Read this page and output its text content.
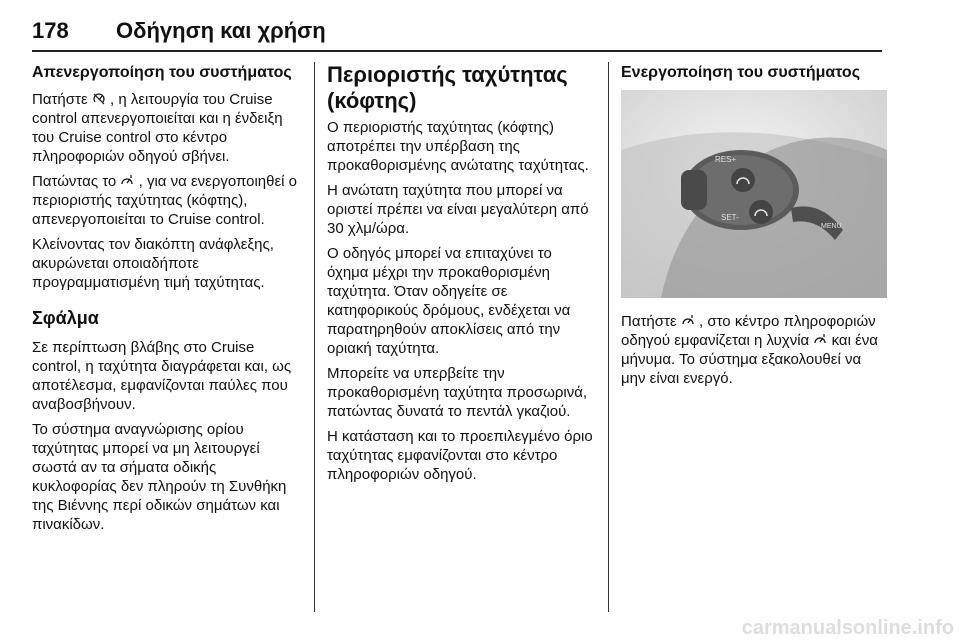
178 Οδήγηση και χρήση
Απενεργοποίηση του συστήματος

Πατήστε , η λειτουργία του Cruise control απενεργοποιείται και η ένδειξη του Cruise control στο κέντρο πληροφοριών οδηγού σβήνει.

Πατώντας το , για να ενεργοποιηθεί ο περιοριστής ταχύτητας (κόφτης), απενεργοποιείται το Cruise control.

Κλείνοντας τον διακόπτη ανάφλεξης, ακυρώνεται οποιαδήποτε προγραμματισμένη τιμή ταχύτητας.

Σφάλμα

Σε περίπτωση βλάβης στο Cruise control, η ταχύτητα διαγράφεται και, ως αποτέλεσμα, εμφανίζονται παύλες που αναβοσβήνουν.

Το σύστημα αναγνώρισης ορίου ταχύτητας μπορεί να μη λειτουργεί σωστά αν τα σήματα οδικής κυκλοφορίας δεν πληρούν τη Συνθήκη της Βιέννης περί οδικών σημάτων και πινακίδων.

Περιοριστής ταχύτητας (κόφτης)

Ο περιοριστής ταχύτητας (κόφτης) αποτρέπει την υπέρβαση της προκαθορισμένης ανώτατης ταχύτητας.

Η ανώτατη ταχύτητα που μπορεί να οριστεί πρέπει να είναι μεγαλύτερη από 30 χλμ/ώρα.

Ο οδηγός μπορεί να επιταχύνει το όχημα μέχρι την προκαθορισμένη ταχύτητα. Όταν οδηγείτε σε κατηφορικούς δρόμους, ενδέχεται να παρατηρηθούν αποκλίσεις από την οριακή ταχύτητα.

Μπορείτε να υπερβείτε την προκαθορισμένη ταχύτητα προσωρινά, πατώντας δυνατά το πεντάλ γκαζιού.

Η κατάσταση και το προεπιλεγμένο όριο ταχύτητας εμφανίζονται στο κέντρο πληροφοριών οδηγού.

Ενεργοποίηση του συστήματος
RES+
SET-
MENU

Πατήστε , στο κέντρο πληροφοριών οδηγού εμφανίζεται η λυχνία και ένα μήνυμα. Το σύστημα εξακολουθεί να μην είναι ενεργό.

carmanualsonline.info
